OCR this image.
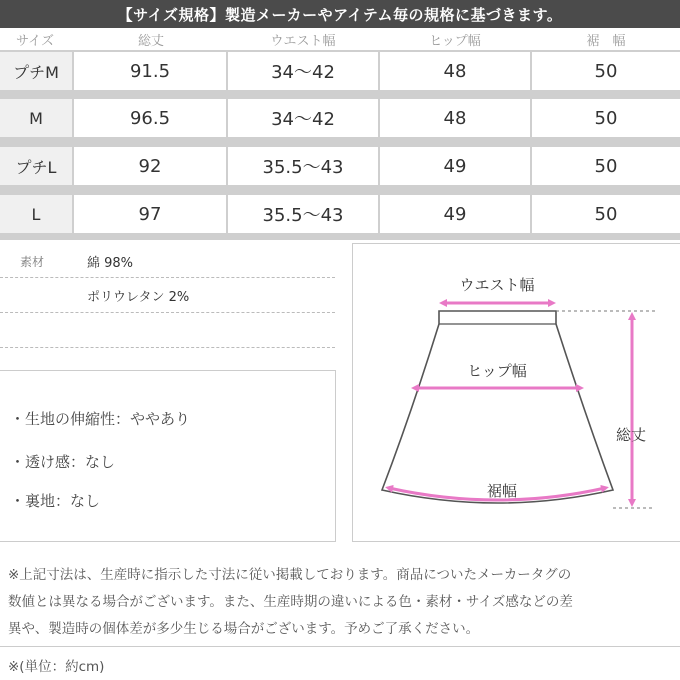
【サイズ規格】製造メーカーやアイテム毎の規格に基づきます。
サイズ	総丈	ウエスト幅	ヒップ幅	裾　幅
プチM	91.5	34〜42	48	50
M	96.5	34〜42	48	50
プチL	92	35.5〜43	49	50
L	97	35.5〜43	49	50
素材	綿 98%
ポリウレタン 2%
・生地の伸縮性：ややあり
・透け感：なし
・裏地：なし
ウエスト幅
ヒップ幅
総丈
裾幅
※上記寸法は、生産時に指示した寸法に従い掲載しております。商品についたメーカータグの
数値とは異なる場合がございます。また、生産時期の違いによる色・素材・サイズ感などの差
異や、製造時の個体差が多少生じる場合がございます。予めご了承ください。
※(単位：約cm)
